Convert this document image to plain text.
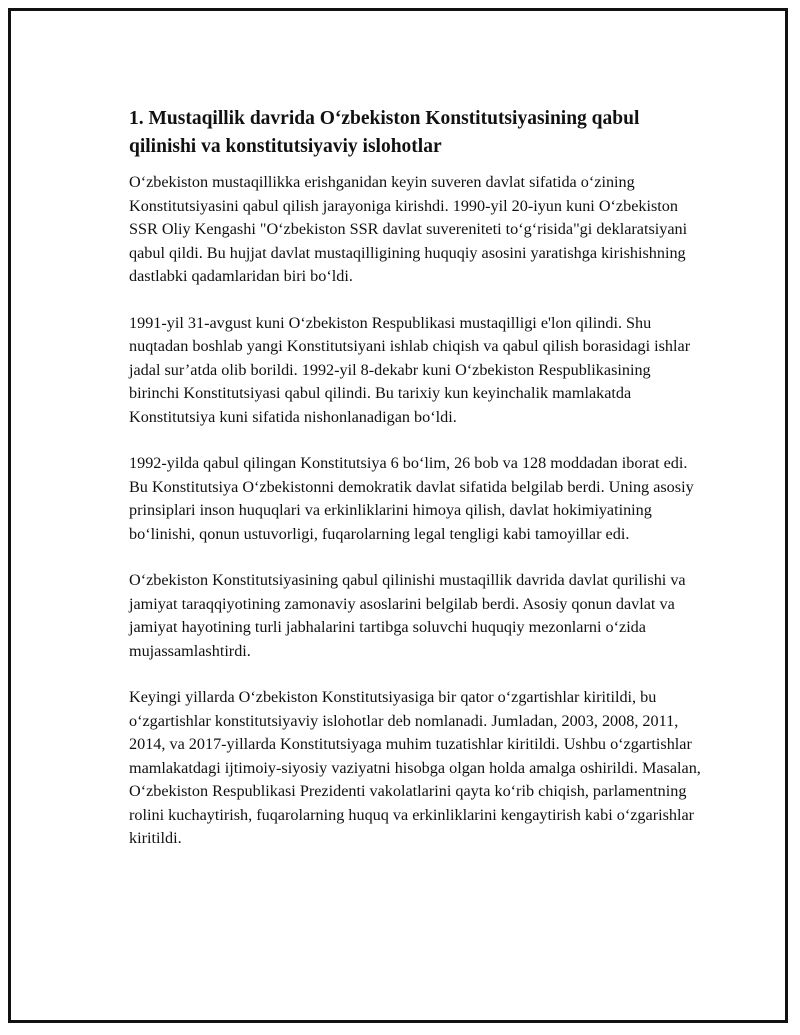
1. Mustaqillik davrida O‘zbekiston Konstitutsiyasining qabul qilinishi va konstitutsiyaviy islohotlar

O‘zbekiston mustaqillikka erishganidan keyin suveren davlat sifatida o‘zining Konstitutsiyasini qabul qilish jarayoniga kirishdi. 1990-yil 20-iyun kuni O‘zbekiston SSR Oliy Kengashi "O‘zbekiston SSR davlat suvereniteti to‘g‘risida"gi deklaratsiyani qabul qildi. Bu hujjat davlat mustaqilligining huquqiy asosini yaratishga kirishishning dastlabki qadamlaridan biri bo‘ldi.

1991-yil 31-avgust kuni O‘zbekiston Respublikasi mustaqilligi e'lon qilindi. Shu nuqtadan boshlab yangi Konstitutsiyani ishlab chiqish va qabul qilish borasidagi ishlar jadal sur’atda olib borildi. 1992-yil 8-dekabr kuni O‘zbekiston Respublikasining birinchi Konstitutsiyasi qabul qilindi. Bu tarixiy kun keyinchalik mamlakatda Konstitutsiya kuni sifatida nishonlanadigan bo‘ldi.

1992-yilda qabul qilingan Konstitutsiya 6 bo‘lim, 26 bob va 128 moddadan iborat edi. Bu Konstitutsiya O‘zbekistonni demokratik davlat sifatida belgilab berdi. Uning asosiy prinsiplari inson huquqlari va erkinliklarini himoya qilish, davlat hokimiyatining bo‘linishi, qonun ustuvorligi, fuqarolarning legal tengligi kabi tamoyillar edi.

O‘zbekiston Konstitutsiyasining qabul qilinishi mustaqillik davrida davlat qurilishi va jamiyat taraqqiyotining zamonaviy asoslarini belgilab berdi. Asosiy qonun davlat va jamiyat hayotining turli jabhalarini tartibga soluvchi huquqiy mezonlarni o‘zida mujassamlashtirdi.

Keyingi yillarda O‘zbekiston Konstitutsiyasiga bir qator o‘zgartishlar kiritildi, bu o‘zgartishlar konstitutsiyaviy islohotlar deb nomlanadi. Jumladan, 2003, 2008, 2011, 2014, va 2017-yillarda Konstitutsiyaga muhim tuzatishlar kiritildi. Ushbu o‘zgartishlar mamlakatdagi ijtimoiy-siyosiy vaziyatni hisobga olgan holda amalga oshirildi. Masalan, O‘zbekiston Respublikasi Prezidenti vakolatlarini qayta ko‘rib chiqish, parlamentning rolini kuchaytirish, fuqarolarning huquq va erkinliklarini kengaytirish kabi o‘zgarishlar kiritildi.
